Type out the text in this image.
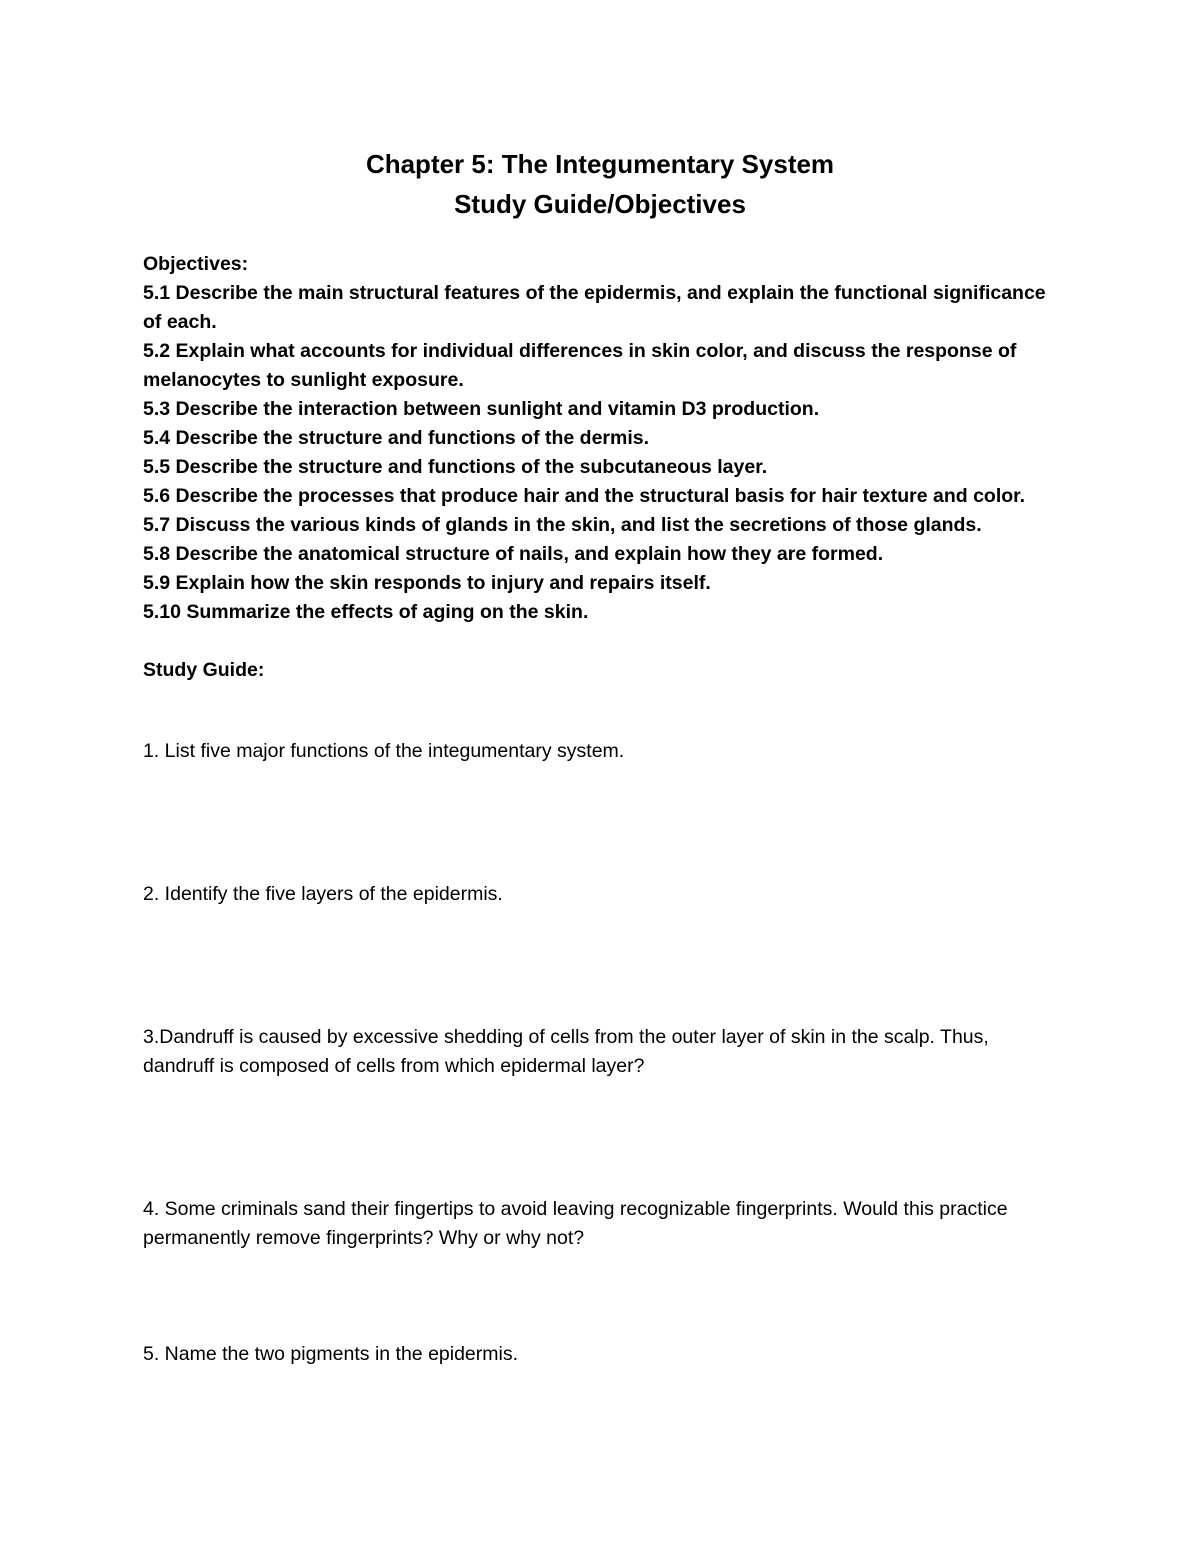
Chapter 5: The Integumentary System

Study Guide/Objectives

Objectives:

5.1 Describe the main structural features of the epidermis, and explain the functional significance of each.

5.2 Explain what accounts for individual differences in skin color, and discuss the response of melanocytes to sunlight exposure.

5.3 Describe the interaction between sunlight and vitamin D3 production.

5.4 Describe the structure and functions of the dermis.

5.5 Describe the structure and functions of the subcutaneous layer.

5.6 Describe the processes that produce hair and the structural basis for hair texture and color.

5.7 Discuss the various kinds of glands in the skin, and list the secretions of those glands.

5.8 Describe the anatomical structure of nails, and explain how they are formed.

5.9 Explain how the skin responds to injury and repairs itself.

5.10 Summarize the effects of aging on the skin.

Study Guide:

1. List five major functions of the integumentary system.

2. Identify the five layers of the epidermis.

3.Dandruff is caused by excessive shedding of cells from the outer layer of skin in the scalp. Thus, dandruff is composed of cells from which epidermal layer?

4. Some criminals sand their fingertips to avoid leaving recognizable fingerprints. Would this practice permanently remove fingerprints? Why or why not?

5. Name the two pigments in the epidermis.
